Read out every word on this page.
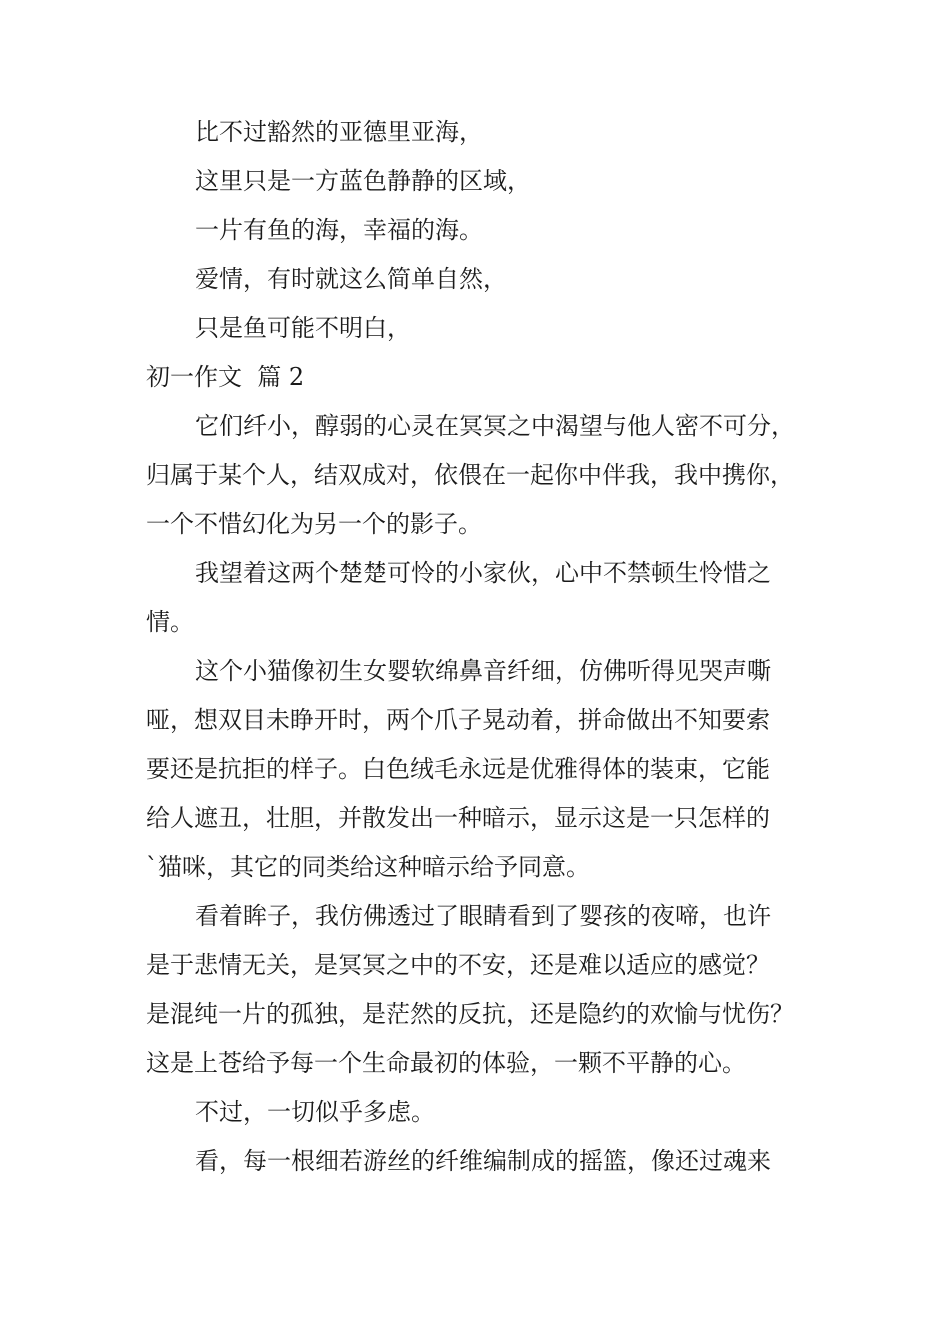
比不过豁然的亚德里亚海，
这里只是一方蓝色静静的区域，
一片有鱼的海，幸福的海。
爱情，有时就这么简单自然，
只是鱼可能不明白，
初一作文  篇 2
它们纤小，醇弱的心灵在冥冥之中渴望与他人密不可分，
归属于某个人，结双成对，依偎在一起你中伴我，我中携你，
一个不惜幻化为另一个的影子。
我望着这两个楚楚可怜的小家伙，心中不禁顿生怜惜之
情。
这个小猫像初生女婴软绵鼻音纤细，仿佛听得见哭声嘶
哑，想双目未睁开时，两个爪子晃动着，拼命做出不知要索
要还是抗拒的样子。白色绒毛永远是优雅得体的装束，它能
给人遮丑，壮胆，并散发出一种暗示，显示这是一只怎样的
`猫咪，其它的同类给这种暗示给予同意。
看着眸子，我仿佛透过了眼睛看到了婴孩的夜啼，也许
是于悲情无关，是冥冥之中的不安，还是难以适应的感觉？
是混纯一片的孤独，是茫然的反抗，还是隐约的欢愉与忧伤？
这是上苍给予每一个生命最初的体验，一颗不平静的心。
不过，一切似乎多虑。
看，每一根细若游丝的纤维编制成的摇篮，像还过魂来
